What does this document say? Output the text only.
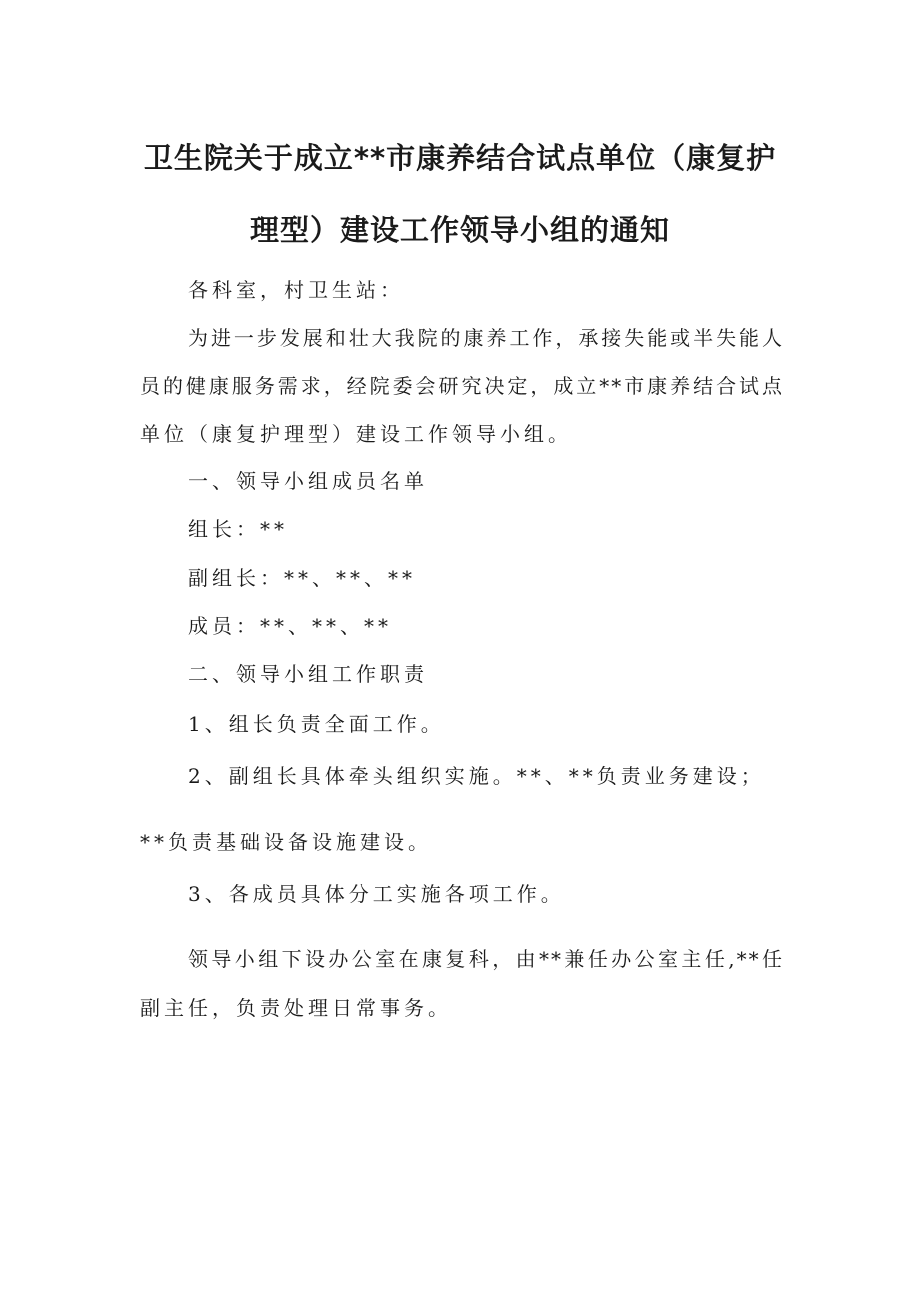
卫生院关于成立**市康养结合试点单位（康复护
理型）建设工作领导小组的通知

各科室，村卫生站：

为进一步发展和壮大我院的康养工作，承接失能或半失能人

员的健康服务需求，经院委会研究决定，成立**市康养结合试点

单位（康复护理型）建设工作领导小组。

一、领导小组成员名单

组长：**

副组长：**、**、**

成员：**、**、**

二、领导小组工作职责

1、组长负责全面工作。

2、副组长具体牵头组织实施。**、**负责业务建设；

**负责基础设备设施建设。

3、各成员具体分工实施各项工作。

领导小组下设办公室在康复科，由**兼任办公室主任,**任

副主任，负责处理日常事务。
